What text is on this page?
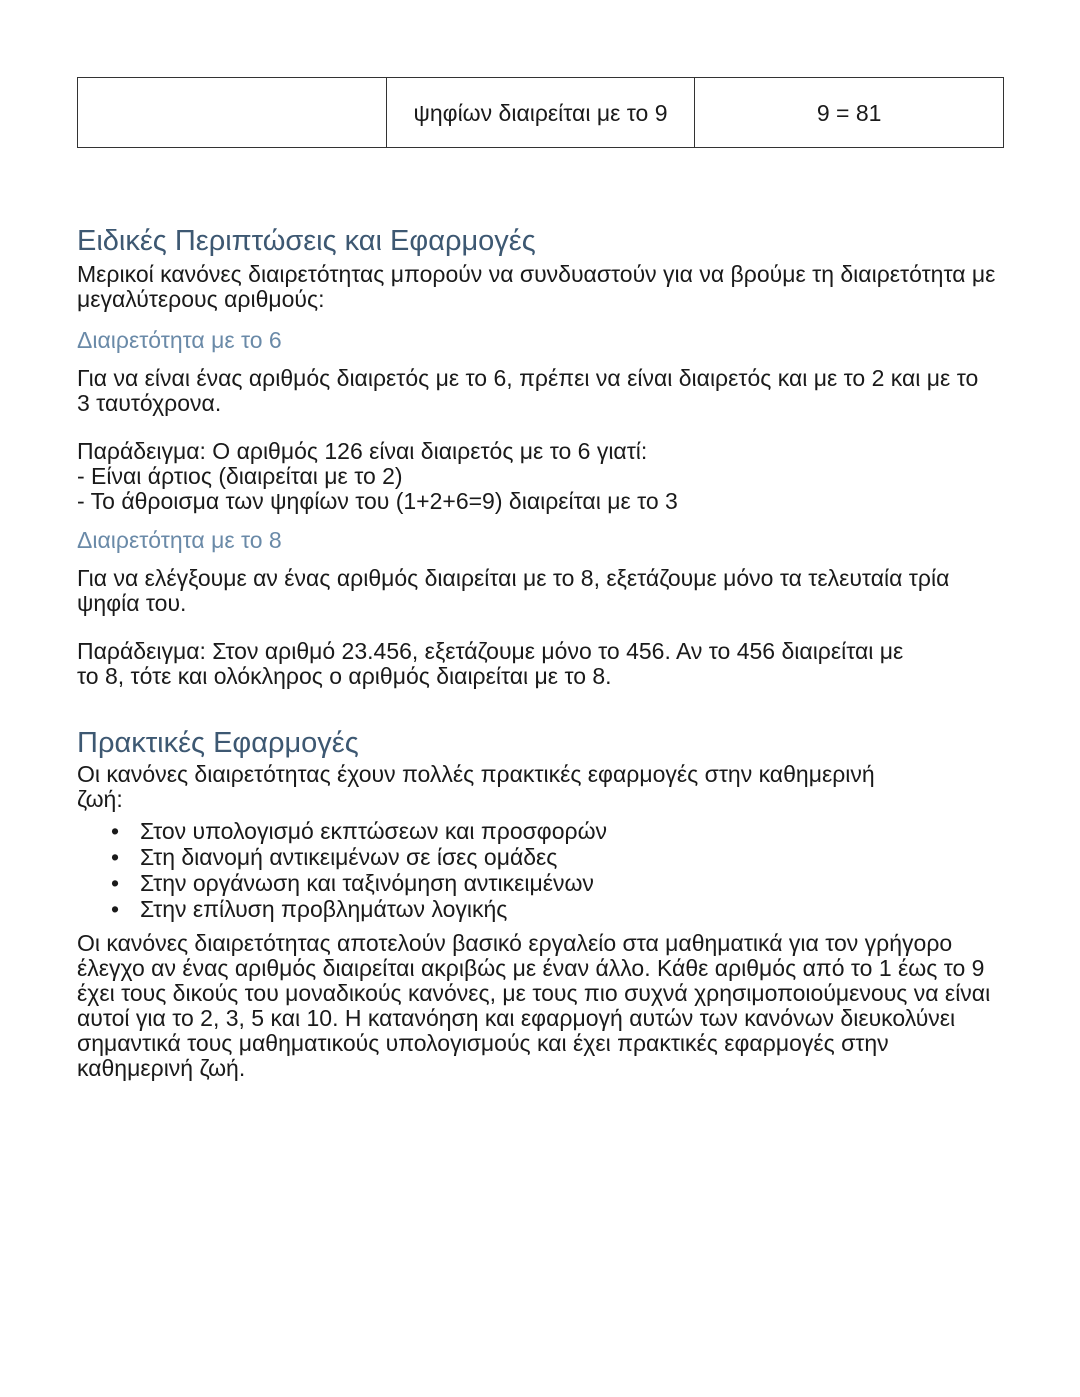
	ψηφίων διαιρείται με το 9	9 = 81
Ειδικές Περιπτώσεις και Εφαρμογές

Μερικοί κανόνες διαιρετότητας μπορούν να συνδυαστούν για να βρούμε τη διαιρετότητα με μεγαλύτερους αριθμούς:

Διαιρετότητα με το 6

Για να είναι ένας αριθμός διαιρετός με το 6, πρέπει να είναι διαιρετός και με το 2 και με το 3 ταυτόχρονα.

Παράδειγμα: Ο αριθμός 126 είναι διαιρετός με το 6 γιατί:

- Είναι άρτιος (διαιρείται με το 2)

- Το άθροισμα των ψηφίων του (1+2+6=9) διαιρείται με το 3

Διαιρετότητα με το 8

Για να ελέγξουμε αν ένας αριθμός διαιρείται με το 8, εξετάζουμε μόνο τα τελευταία τρία ψηφία του.

Παράδειγμα: Στον αριθμό 23.456, εξετάζουμε μόνο το 456. Αν το 456 διαιρείται με το 8, τότε και ολόκληρος ο αριθμός διαιρείται με το 8.

Πρακτικές Εφαρμογές

Οι κανόνες διαιρετότητας έχουν πολλές πρακτικές εφαρμογές στην καθημερινή ζωή:

• Στον υπολογισμό εκπτώσεων και προσφορών
• Στη διανομή αντικειμένων σε ίσες ομάδες
• Στην οργάνωση και ταξινόμηση αντικειμένων
• Στην επίλυση προβλημάτων λογικής

Οι κανόνες διαιρετότητας αποτελούν βασικό εργαλείο στα μαθηματικά για τον γρήγορο έλεγχο αν ένας αριθμός διαιρείται ακριβώς με έναν άλλο. Κάθε αριθμός από το 1 έως το 9 έχει τους δικούς του μοναδικούς κανόνες, με τους πιο συχνά χρησιμοποιούμενους να είναι αυτοί για το 2, 3, 5 και 10. Η κατανόηση και εφαρμογή αυτών των κανόνων διευκολύνει σημαντικά τους μαθηματικούς υπολογισμούς και έχει πρακτικές εφαρμογές στην καθημερινή ζωή.
